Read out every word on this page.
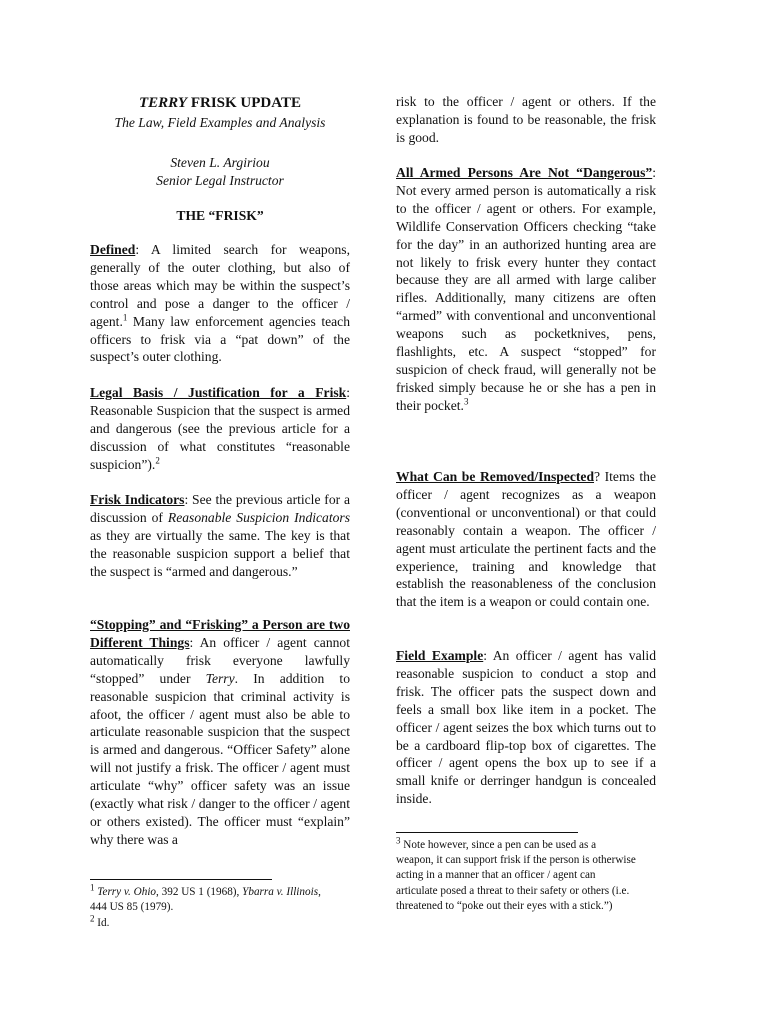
TERRY FRISK UPDATE
The Law, Field Examples and Analysis
Steven L. Argiriou
Senior Legal Instructor
THE “FRISK”

Defined: A limited search for weapons, generally of the outer clothing, but also of those areas which may be within the suspect’s control and pose a danger to the officer / agent.$^1$ Many law enforcement agencies teach officers to frisk via a “pat down” of the suspect’s outer clothing.

Legal Basis / Justification for a Frisk: Reasonable Suspicion that the suspect is armed and dangerous (see the previous article for a discussion of what constitutes “reasonable suspicion”).$^2$

Frisk Indicators: See the previous article for a discussion of Reasonable Suspicion Indicators as they are virtually the same. The key is that the reasonable suspicion support a belief that the suspect is “armed and dangerous.”

“Stopping” and “Frisking” a Person are two Different Things: An officer / agent cannot automatically frisk everyone lawfully “stopped” under Terry. In addition to reasonable suspicion that criminal activity is afoot, the officer / agent must also be able to articulate reasonable suspicion that the suspect is armed and dangerous. “Officer Safety” alone will not justify a frisk. The officer / agent must articulate “why” officer safety was an issue (exactly what risk / danger to the officer / agent or others existed). The officer must “explain” why there was a

$^1$ Terry v. Ohio, 392 US 1 (1968), Ybarra v. Illinois, 444 US 85 (1979).
$^2$ Id.

risk to the officer / agent or others. If the explanation is found to be reasonable, the frisk is good.

All Armed Persons Are Not “Dangerous”: Not every armed person is automatically a risk to the officer / agent or others. For example, Wildlife Conservation Officers checking “take for the day” in an authorized hunting area are not likely to frisk every hunter they contact because they are all armed with large caliber rifles. Additionally, many citizens are often “armed” with conventional and unconventional weapons such as pocketknives, pens, flashlights, etc. A suspect “stopped” for suspicion of check fraud, will generally not be frisked simply because he or she has a pen in their pocket.$^3$

What Can be Removed/Inspected? Items the officer / agent recognizes as a weapon (conventional or unconventional) or that could reasonably contain a weapon. The officer / agent must articulate the pertinent facts and the experience, training and knowledge that establish the reasonableness of the conclusion that the item is a weapon or could contain one.

Field Example: An officer / agent has valid reasonable suspicion to conduct a stop and frisk. The officer pats the suspect down and feels a small box like item in a pocket. The officer / agent seizes the box which turns out to be a cardboard flip-top box of cigarettes. The officer / agent opens the box up to see if a small knife or derringer handgun is concealed inside.

$^3$ Note however, since a pen can be used as a weapon, it can support frisk if the person is otherwise acting in a manner that an officer / agent can articulate posed a threat to their safety or others (i.e. threatened to “poke out their eyes with a stick.”)
